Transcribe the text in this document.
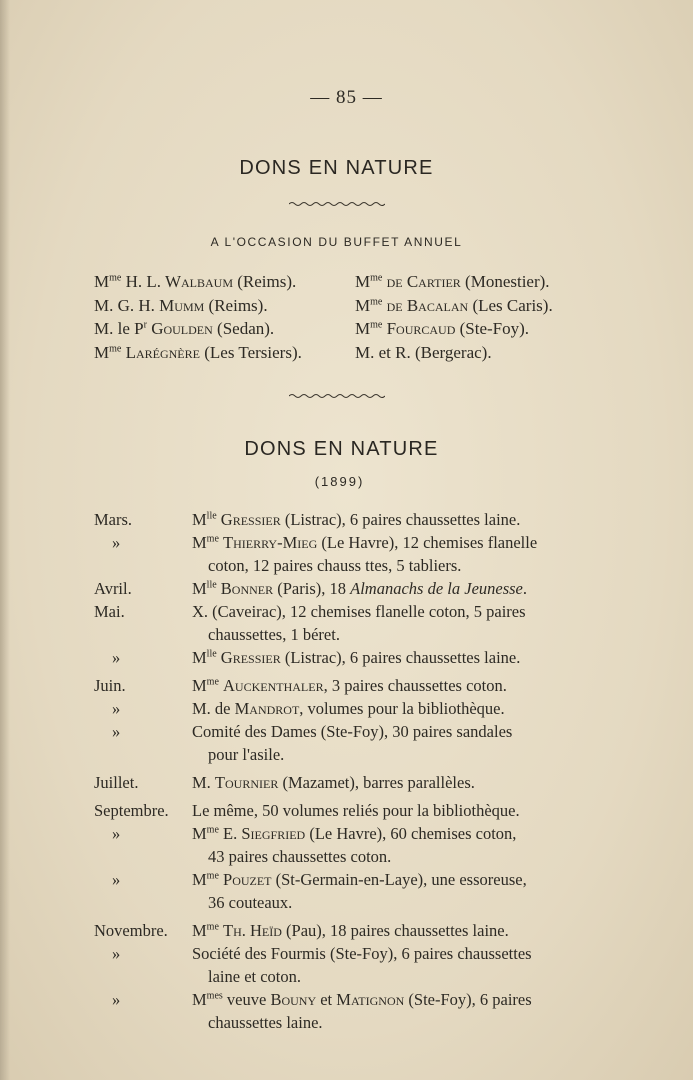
— 85 —
DONS EN NATURE
A L'OCCASION DU BUFFET ANNUEL
$M^{me}$ H. L. Walbaum (Reims).
M. G. H. Mumm (Reims).
M. le $P^r$ Goulden (Sedan).
$M^{me}$ Larégnère (Les Tersiers).
$M^{me}$ de Cartier (Monestier).
$M^{me}$ de Bacalan (Les Caris).
$M^{me}$ Fourcaud (Ste-Foy).
M. et R. (Bergerac).
DONS EN NATURE
(1899)
Mars.	$M^{lle}$ Gressier (Listrac), 6 paires chaussettes laine.
»	$M^{me}$ Thierry-Mieg (Le Havre), 12 chemises flanelle
coton, 12 paires chauss ttes, 5 tabliers.
Avril.	$M^{lle}$ Bonner (Paris), 18 Almanachs de la Jeunesse.
Mai.	X. (Caveirac), 12 chemises flanelle coton, 5 paires
chaussettes, 1 béret.
»	$M^{lle}$ Gressier (Listrac), 6 paires chaussettes laine.
Juin.	$M^{me}$ Auckenthaler, 3 paires chaussettes coton.
»	M. de Mandrot, volumes pour la bibliothèque.
»	Comité des Dames (Ste-Foy), 30 paires sandales
pour l'asile.
Juillet.	M. Tournier (Mazamet), barres parallèles.
Septembre.	Le même, 50 volumes reliés pour la bibliothèque.
»	$M^{me}$ E. Siegfried (Le Havre), 60 chemises coton,
43 paires chaussettes coton.
»	$M^{me}$ Pouzet (St-Germain-en-Laye), une essoreuse,
36 couteaux.
Novembre.	$M^{me}$ Th. Heïd (Pau), 18 paires chaussettes laine.
»	Société des Fourmis (Ste-Foy), 6 paires chaussettes
laine et coton.
»	$M^{mes}$ veuve Bouny et Matignon (Ste-Foy), 6 paires
chaussettes laine.
